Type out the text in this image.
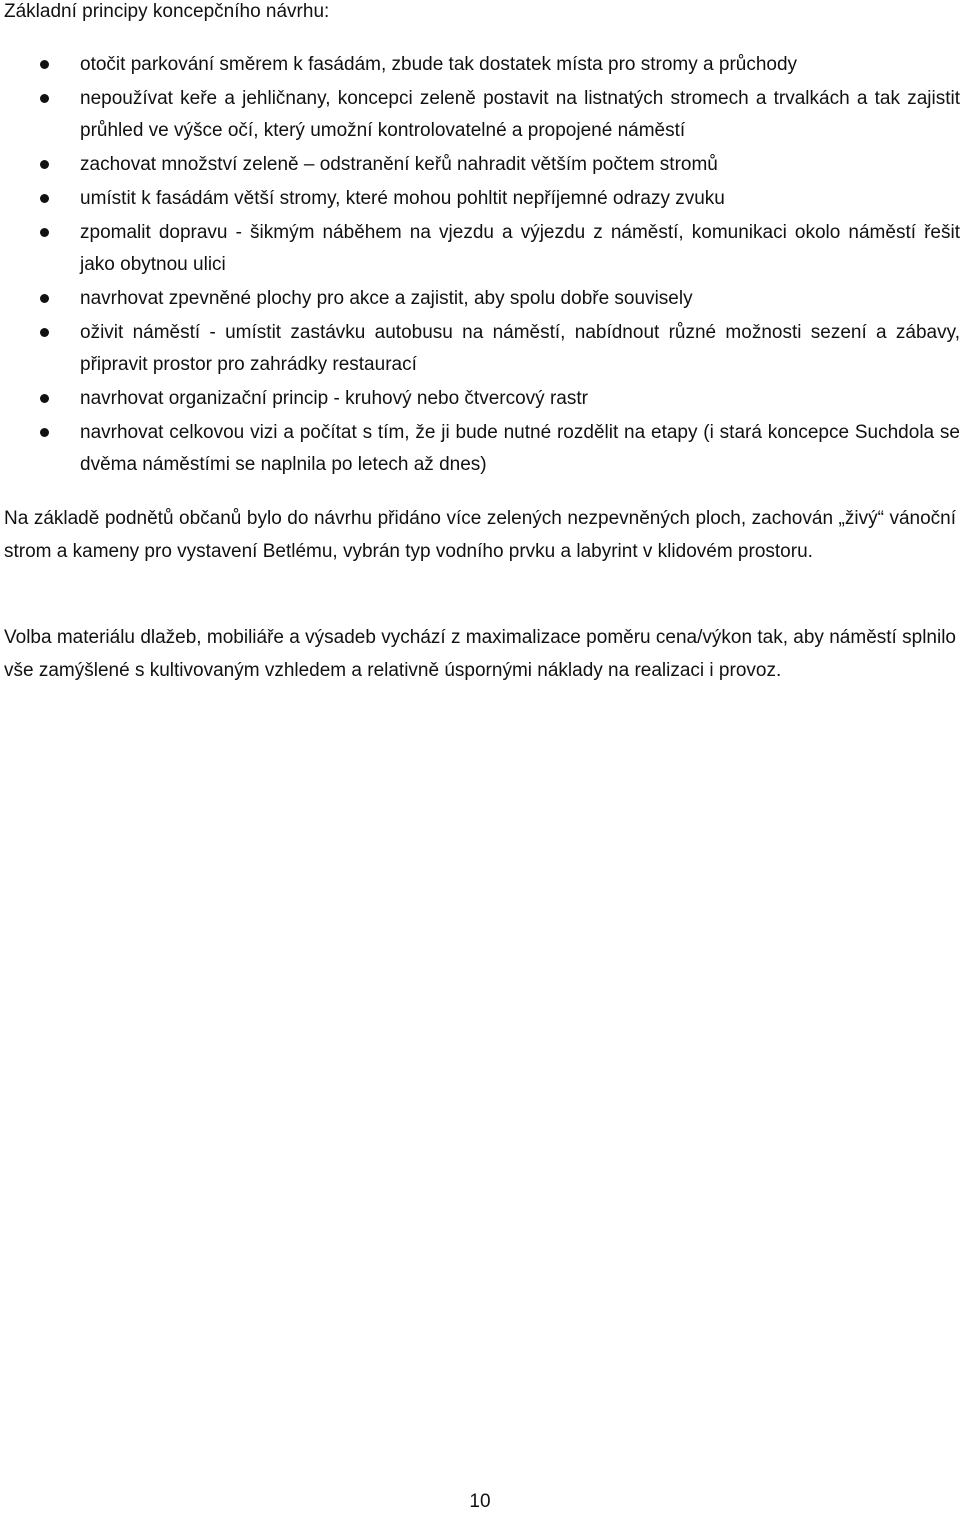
Základní principy koncepčního návrhu:
otočit parkování směrem k fasádám, zbude tak dostatek místa pro stromy a průchody
nepoužívat keře a jehličnany, koncepci zeleně postavit na listnatých stromech a trvalkách a tak zajistit průhled ve výšce očí, který umožní kontrolovatelné a propojené náměstí
zachovat množství zeleně – odstranění keřů nahradit větším počtem stromů
umístit k fasádám větší stromy, které mohou pohltit nepříjemné odrazy zvuku
zpomalit dopravu - šikmým náběhem na vjezdu a výjezdu z náměstí, komunikaci okolo náměstí řešit jako obytnou ulici
navrhovat zpevněné plochy pro akce a zajistit, aby spolu dobře souvisely
oživit náměstí - umístit zastávku autobusu na náměstí, nabídnout různé možnosti sezení a zábavy, připravit prostor pro zahrádky restaurací
navrhovat organizační princip - kruhový nebo čtvercový rastr
navrhovat celkovou vizi a počítat s tím, že ji bude nutné rozdělit na etapy (i stará koncepce Suchdola se dvěma náměstími se naplnila po letech až dnes)

Na základě podnětů občanů bylo do návrhu přidáno více zelených nezpevněných ploch, zachován „živý“ vánoční strom a kameny pro vystavení Betlému, vybrán typ vodního prvku a labyrint v klidovém prostoru.

Volba materiálu dlažeb, mobiliáře a výsadeb vychází z maximalizace poměru cena/výkon tak, aby náměstí splnilo vše zamýšlené s kultivovaným vzhledem a relativně úspornými náklady na realizaci i provoz.

10
